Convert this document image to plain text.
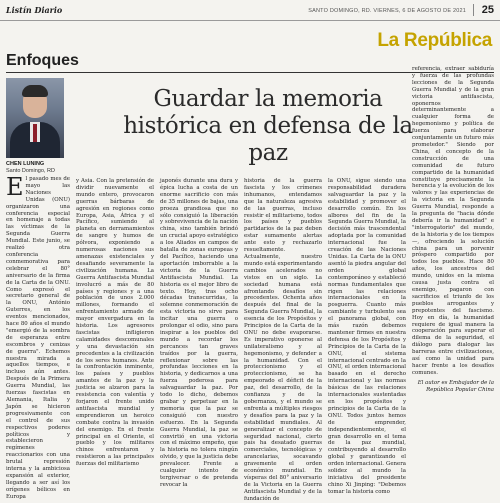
Listín Diario	SANTO DOMINGO, RD. VIERNES, 6 DE AGOSTO DE 2021 25
La República
Enfoques
CHEN LUNING
Santo Domingo, RD
Guardar la memoria histórica en defensa de la paz

El pasado mes de mayo las Naciones Unidas (ONU) organizaron una conferencia especial en homenaje a todas las víctimas de la Segunda Guerra Mundial. Este junio, se realizó otra conferencia conmemorativa para celebrar el 80° aniversario de la firma de la Carta de la ONU. Como expresó el secretario general de la ONU, António Guterres, en los eventos mencionados, hace 80 años el mundo "emergió de la sombra de esperanza entre escombros y cenizas de guerra". Echemos nuestra mirada a aquellos tiempos, e incluso aún antes. Después de la Primera Guerra Mundial, las fuerzas fascistas en Alemania, Italia y Japón se hicieron progresivamente con el control de sus respectivos poderes políticos y establecieron regímenes reaccionarios con una brutal represión interna y la ambiciosa expansión al exterior, llegando a ser así los orígenes bélicos en Europa

y Asia. Con la pretensión de dividir nuevamente el mundo entero, provocaron guerras bárbaras de agresión en regiones como Europa, Asia, África y el Pacífico, sumiendo al planeta en derramamientos de sangre y humos de pólvora, exponiendo a numerosas naciones sus amenazas existenciales y desafiando severamente la civilización humana. La Guerra Antifascista Mundial involucró a más de 80 países y regiones y a una población de unos 2.000 millones, formando el enfrentamiento armado de mayor envergadura en la historia. Los agresores fascistas infligieron calamidades descomunales y una devastación sin precedentes a la civilización de los seres humanos. Ante la confrontación inminente, los países y pueblos amantes de la paz y la justicia se alzaron para la resistencia con valentía y forjaron el frente unido antifascista mundial y emprendieron un heroico combate contra la invasión del enemigo. En el frente principal en el Oriente, el pueblo y los militares chinos enfrentaron y resistieron a las principales fuerzas del militarismo

japonés durante una dura y épica lucha a costa de un enorme sacrificio con más de 35 millones de bajas, una proeza grandiosa que no sólo consiguió la liberación y sobrevivencia de la nación china, sino también brindó un crucial apoyo estratégico a los Aliados en campos de batalla de zonas europeas y del Pacífico, haciendo una aportación imborrable a la victoria de la Guerra Antifascista Mundial. La historia es el mejor libro de texto. Hoy, tras ocho décadas transcurridas, la solemne conmemoración de esta victoria no sirve para incitar una guerra o prolongar el odio, sino para inspirar a los pueblos del mundo a recordar los percances tan graves traídos por la guerra, reflexionar sobre las profundas lecciones en la historia, y dedicarnos a una fuerza poderosa para salvaguardar la paz. Por todo lo dicho, debemos grabar y perpetuar en la memoria que la paz se consiguió con nuestro esfuerzo. En la Segunda Guerra Mundial, la paz se convirtió en una victoria con el máximo empeño, que la historia no tolera ningún olvido, y que la justicia debe prevalecer. Frente a cualquier intento de tergiversar o de pretenda revocar la

historia de la guerra fascista y los crímenes inhumanos, entendamos que la naturaleza agresiva de las guerras, incluso resistir el militarismo, todos los países y pueblos partidarios de la paz deben estar sumamente alertas ante esto y rechazarlo resueltamente. Actualmente, nuestro mundo está experimentando cambios acelerados no vistos en un siglo. La sociedad humana está afrontando desafíos sin precedentes. Ochenta años después del final de la Segunda Guerra Mundial, la esencia de los Propósitos y Principios de la Carta de la ONU no debe evaporarse. Es imperativo oponerse al unilateralismo y al hegemonismo, y defender a la humanidad. Con el proteccionismo y el proteccionismo, se ha empeorado el déficit de la paz, del desarrollo, de la confianza y de la gobernanza, y el mundo se enfrenta a múltiples riesgos y desafíos para la paz y la estabilidad mundiales. Al generalizar el concepto de seguridad nacional, cierto país ha desatado guerras comerciales, tecnológicas y arancelarias, socavando gravemente el orden económico mundial. En vísperas del 80° aniversario de la Victoria en la Guerra Antifascista Mundial y de la fundación de

la ONU, sigue siendo una responsabilidad duradera salvaguardar la paz y la estabilidad y promover el desarrollo común. En los albores del fin de la Segunda Guerra Mundial, la decisión más trascendental adoptada por la comunidad internacional fue la creación de las Naciones Unidas. La Carta de la ONU asentó la piedra angular del orden global contemporáneo y estableció normas fundamentales que rigen las relaciones internacionales en la posguerra. Cuanto más cambiante y turbulento sea el panorama global, con más razón debemos mantener firmes en nuestra defensa de los Propósitos y Principios de la Carta de la ONU, el sistema internacional centrado en la ONU, el orden internacional basado en el derecho internacional y las normas básicas de las relaciones internacionales sustentadas en los propósitos y principios de la Carta de la ONU. Todos juntos hemos de emprender, independientemente, el gran desarrollo en el tema de la paz mundial, contribuyendo al desarrollo global y garantizando el orden internacional. Genera solidez al mundo la iniciativa del presidente chino Xi Jinping: "Debemos tomar la historia como

referencia, extraer sabiduría y fuerza de las profundas lecciones de la Segunda Guerra Mundial y de la gran victoria antifascista, oponernos determinantemente a cualquier forma de hegemonismo y política de fuerza para elaborar conjuntamente un futuro más prometedor." Siendo por China, el concepto de la construcción de una comunidad de futuro compartido de la humanidad constituye precisamente la herencia y la evolución de los valores y las experiencias de la victoria en la Segunda Guerra Mundial, responde a la pregunta de "hacia dónde debería ir la humanidad" e "interrogatorio" del mundo, de la historia y de los tiempos—, ofreciendo la solución china para un porvenir próspero compartido por todos los pueblos. Hace 80 años, los ancestros del mundo, unidos en la misma causa justa contra el enemigo, pagaron con sacrificios el triunfo de los pueblos arrogantes y prepotentes del fascismo. Hoy en día, la humanidad requiere de igual manera la cooperación para superar el dilema de la seguridad, el diálogo para dialogar las barreras entre civilizaciones, así como la unidad para hacer frente a los desafíos comunes.

El autor es Embajador de la República Popular China
